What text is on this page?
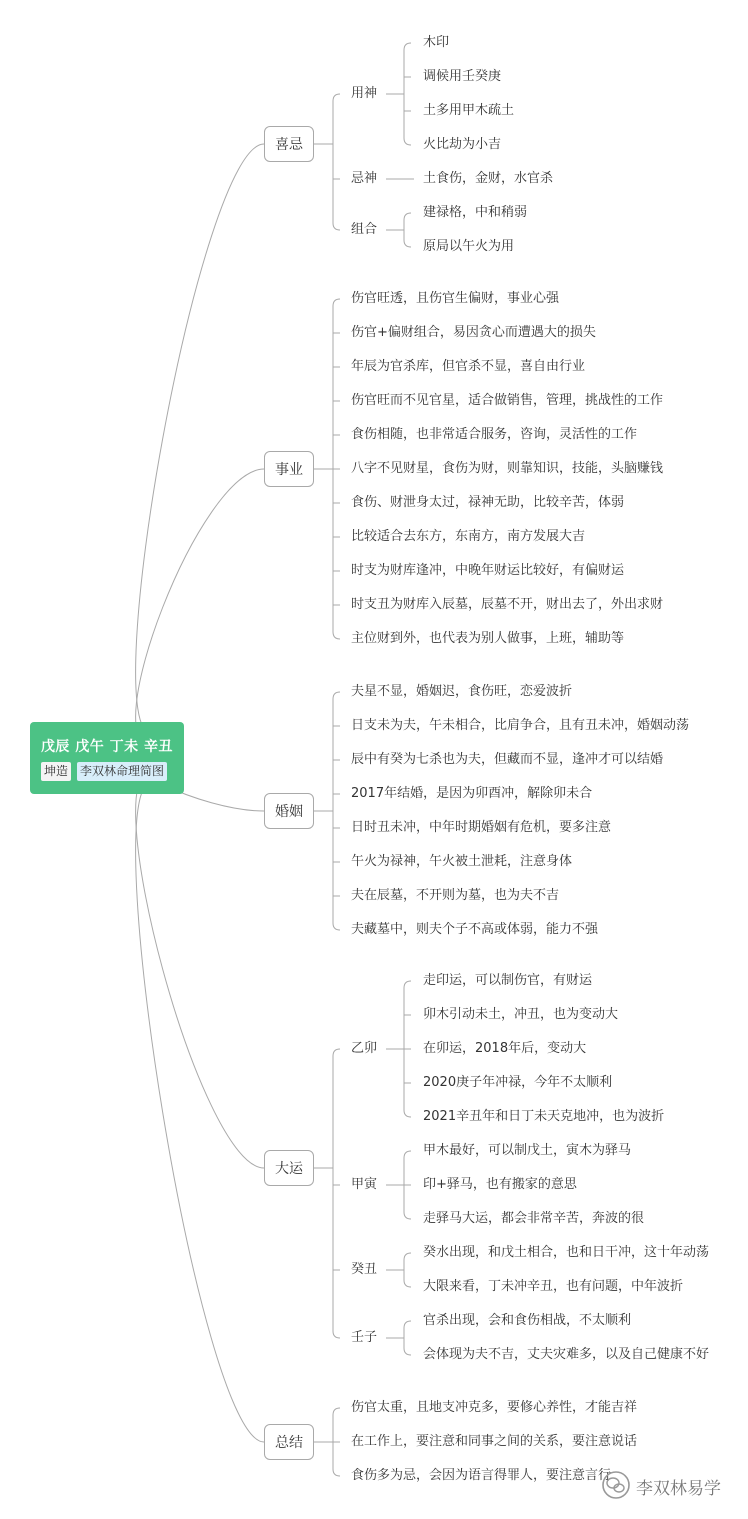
戊辰 戊午 丁未 辛丑
坤造 李双林命理简图
喜忌
用神
木印
调候用壬癸庚
土多用甲木疏土
火比劫为小吉
忌神	土食伤，金财，水官杀
组合
建禄格，中和稍弱
原局以午火为用
事业
伤官旺透，且伤官生偏财，事业心强
伤官+偏财组合，易因贪心而遭遇大的损失
年辰为官杀库，但官杀不显，喜自由行业
伤官旺而不见官星，适合做销售，管理，挑战性的工作
食伤相随，也非常适合服务，咨询，灵活性的工作
八字不见财星，食伤为财，则靠知识，技能，头脑赚钱
食伤、财泄身太过，禄神无助，比较辛苦，体弱
比较适合去东方，东南方，南方发展大吉
时支为财库逢冲，中晚年财运比较好，有偏财运
时支丑为财库入辰墓，辰墓不开，财出去了，外出求财
主位财到外，也代表为别人做事，上班，辅助等
婚姻
夫星不显，婚姻迟，食伤旺，恋爱波折
日支未为夫，午未相合，比肩争合，且有丑未冲，婚姻动荡
辰中有癸为七杀也为夫，但藏而不显，逢冲才可以结婚
2017年结婚，是因为卯酉冲，解除卯未合
日时丑未冲，中年时期婚姻有危机，要多注意
午火为禄神，午火被土泄耗，注意身体
夫在辰墓，不开则为墓，也为夫不吉
夫藏墓中，则夫个子不高或体弱，能力不强
大运
乙卯
走印运，可以制伤官，有财运
卯木引动未土，冲丑，也为变动大
在卯运，2018年后，变动大
2020庚子年冲禄，今年不太顺利
2021辛丑年和日丁未天克地冲，也为波折
甲寅
甲木最好，可以制戊土，寅木为驿马
印+驿马，也有搬家的意思
走驿马大运，都会非常辛苦，奔波的很
癸丑
癸水出现，和戊土相合，也和日干冲，这十年动荡
大限来看，丁未冲辛丑，也有问题，中年波折
壬子
官杀出现，会和食伤相战，不太顺利
会体现为夫不吉，丈夫灾难多，以及自己健康不好
总结
伤官太重，且地支冲克多，要修心养性，才能吉祥
在工作上，要注意和同事之间的关系，要注意说话
食伤多为忌，会因为语言得罪人，要注意言行
李双林易学
